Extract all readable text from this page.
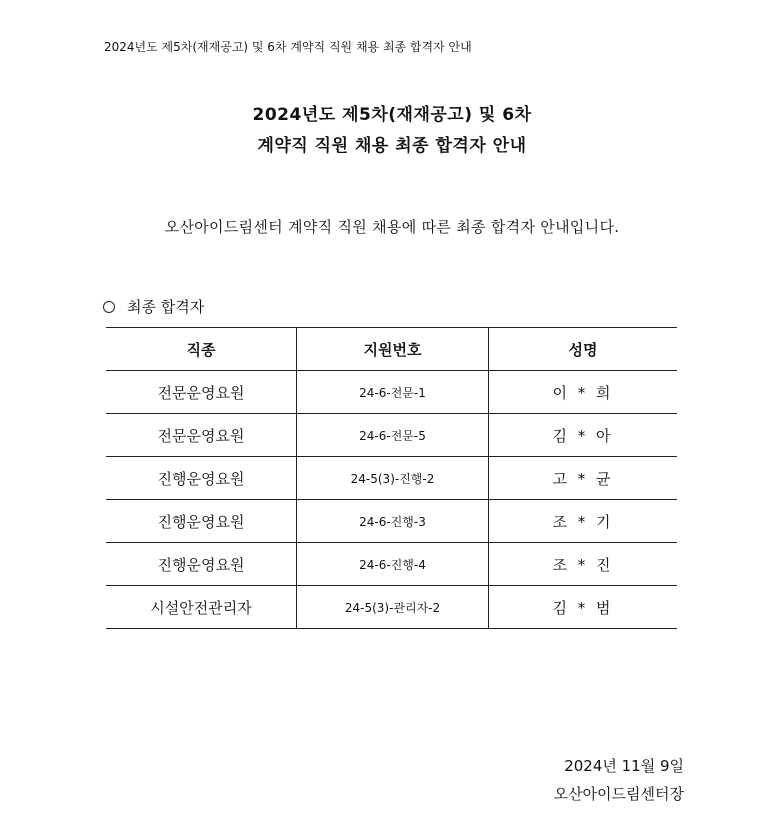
2024년도 제5차(재재공고) 및 6차 계약직 직원 채용 최종 합격자 안내
2024년도 제5차(재재공고) 및 6차
계약직 직원 채용 최종 합격자 안내
오산아이드림센터 계약직 직원 채용에 따른 최종 합격자 안내입니다.
최종 합격자
직종	지원번호	성명
전문운영요원	24-6-전문-1	이 * 희
전문운영요원	24-6-전문-5	김 * 아
진행운영요원	24-5(3)-진행-2	고 * 균
진행운영요원	24-6-진행-3	조 * 기
진행운영요원	24-6-진행-4	조 * 진
시설안전관리자	24-5(3)-관리자-2	김 * 범
2024년 11월 9일
오산아이드림센터장
